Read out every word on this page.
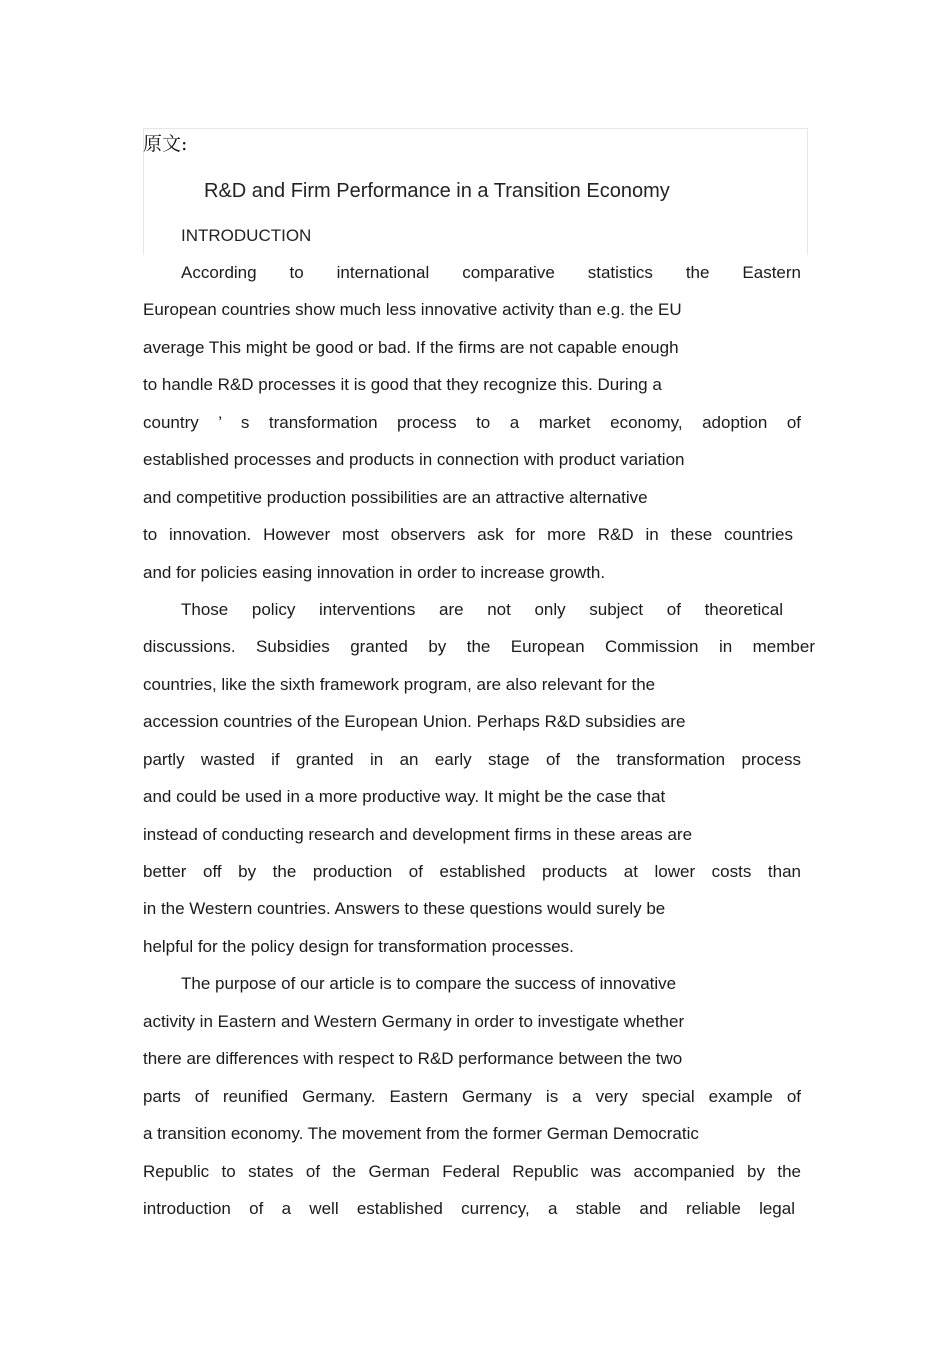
原文:
R&D and Firm Performance in a Transition Economy
INTRODUCTION
According to international comparative statistics the Eastern
European countries show much less innovative activity than e.g. the EU
average This might be good or bad. If the firms are not capable enough
to handle R&D processes it is good that they recognize this. During a
country ’ s transformation process to a market economy, adoption of
established processes and products in connection with product variation
and competitive production possibilities are an attractive alternative
to innovation. However most observers ask for more R&D in these countries
and for policies easing innovation in order to increase growth.
Those policy interventions are not only subject of theoretical
discussions. Subsidies granted by the European Commission in member
countries, like the sixth framework program, are also relevant for the
accession countries of the European Union. Perhaps R&D subsidies are
partly wasted if granted in an early stage of the transformation process
and could be used in a more productive way. It might be the case that
instead of conducting research and development firms in these areas are
better off by the production of established products at lower costs than
in the Western countries. Answers to these questions would surely be
helpful for the policy design for transformation processes.
The purpose of our article is to compare the success of innovative
activity in Eastern and Western Germany in order to investigate whether
there are differences with respect to R&D performance between the two
parts of reunified Germany. Eastern Germany is a very special example of
a transition economy. The movement from the former German Democratic
Republic to states of the German Federal Republic was accompanied by the
introduction of a well established currency, a stable and reliable legal
